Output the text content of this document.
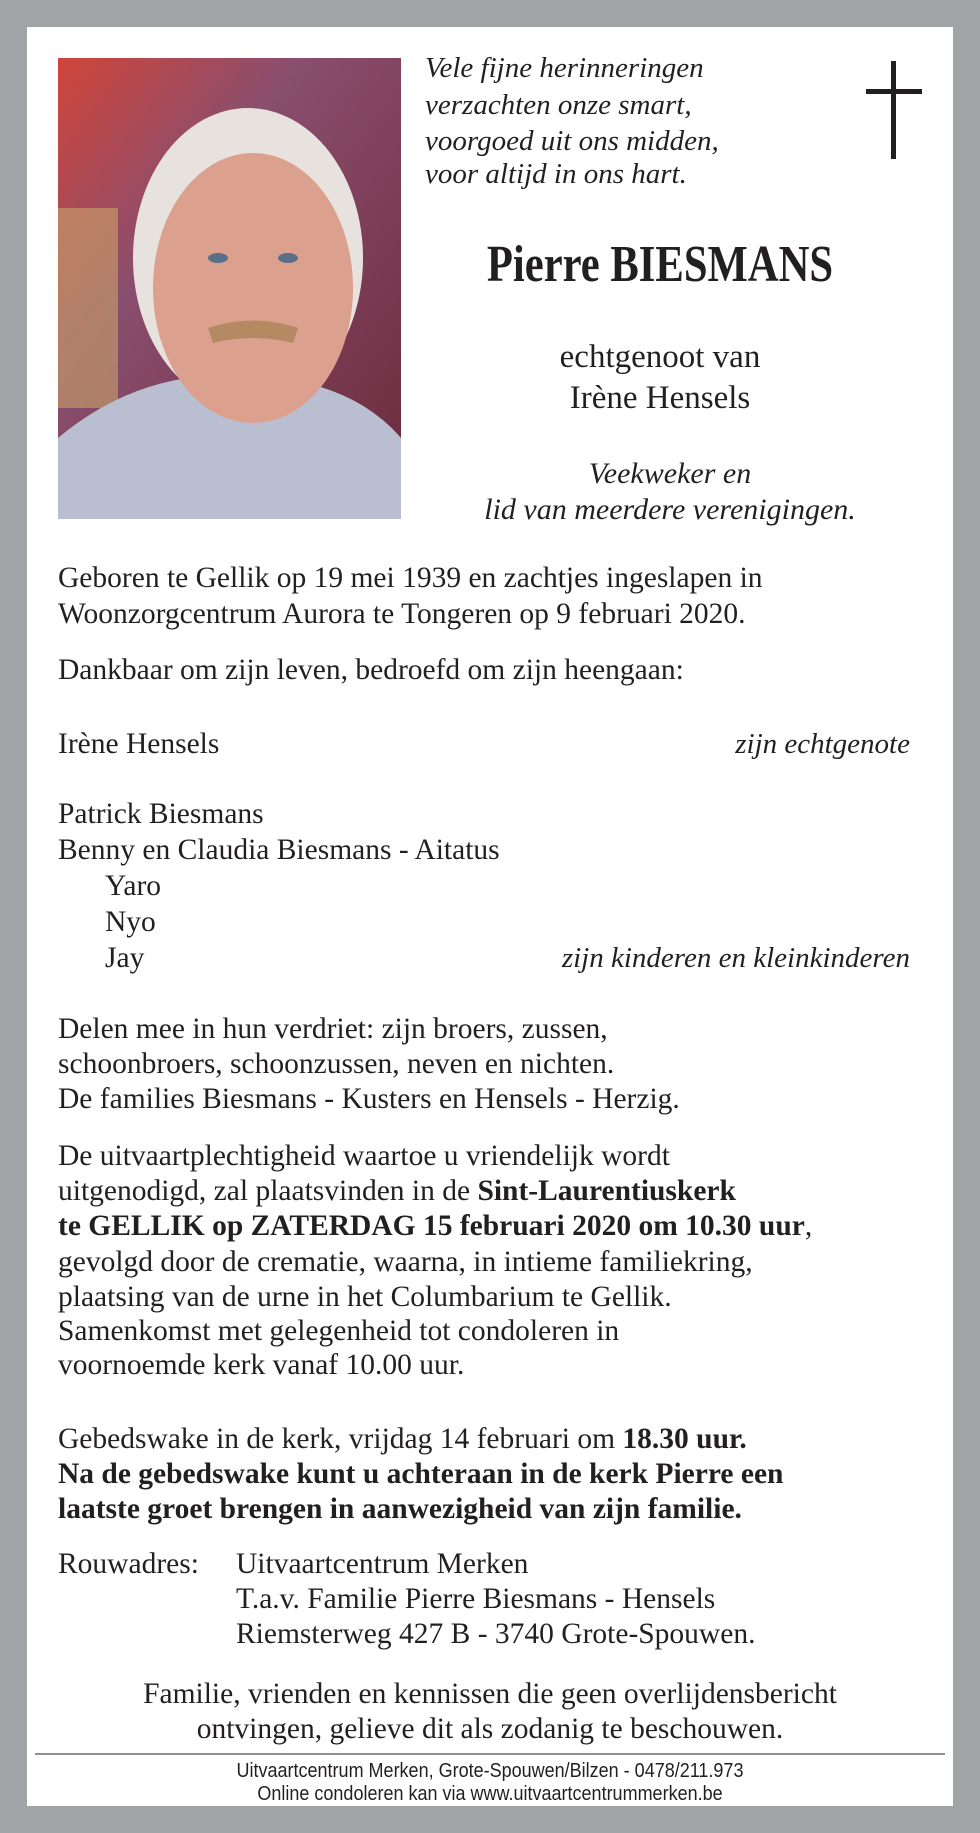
Vele fijne herinneringen
verzachten onze smart,
voorgoed uit ons midden,
voor altijd in ons hart.
Pierre BIESMANS
echtgenoot van
Irène Hensels
Veekweker en
lid van meerdere verenigingen.
Geboren te Gellik op 19 mei 1939 en zachtjes ingeslapen in
Woonzorgcentrum Aurora te Tongeren op 9 februari 2020.
Dankbaar om zijn leven, bedroefd om zijn heengaan:
Irène Hensels	zijn echtgenote
Patrick Biesmans
Benny en Claudia Biesmans - Aitatus
Yaro
Nyo
Jay	zijn kinderen en kleinkinderen
Delen mee in hun verdriet: zijn broers, zussen,
schoonbroers, schoonzussen, neven en nichten.
De families Biesmans - Kusters en Hensels - Herzig.
De uitvaartplechtigheid waartoe u vriendelijk wordt
uitgenodigd, zal plaatsvinden in de Sint-Laurentiuskerk
te GELLIK op ZATERDAG 15 februari 2020 om 10.30 uur,
gevolgd door de crematie, waarna, in intieme familiekring,
plaatsing van de urne in het Columbarium te Gellik.
Samenkomst met gelegenheid tot condoleren in
voornoemde kerk vanaf 10.00 uur.
Gebedswake in de kerk, vrijdag 14 februari om 18.30 uur.
Na de gebedswake kunt u achteraan in de kerk Pierre een
laatste groet brengen in aanwezigheid van zijn familie.
Rouwadres: Uitvaartcentrum Merken
T.a.v. Familie Pierre Biesmans - Hensels
Riemsterweg 427 B - 3740 Grote-Spouwen.
Familie, vrienden en kennissen die geen overlijdensbericht
ontvingen, gelieve dit als zodanig te beschouwen.
Uitvaartcentrum Merken, Grote-Spouwen/Bilzen - 0478/211.973
Online condoleren kan via www.uitvaartcentrummerken.be
